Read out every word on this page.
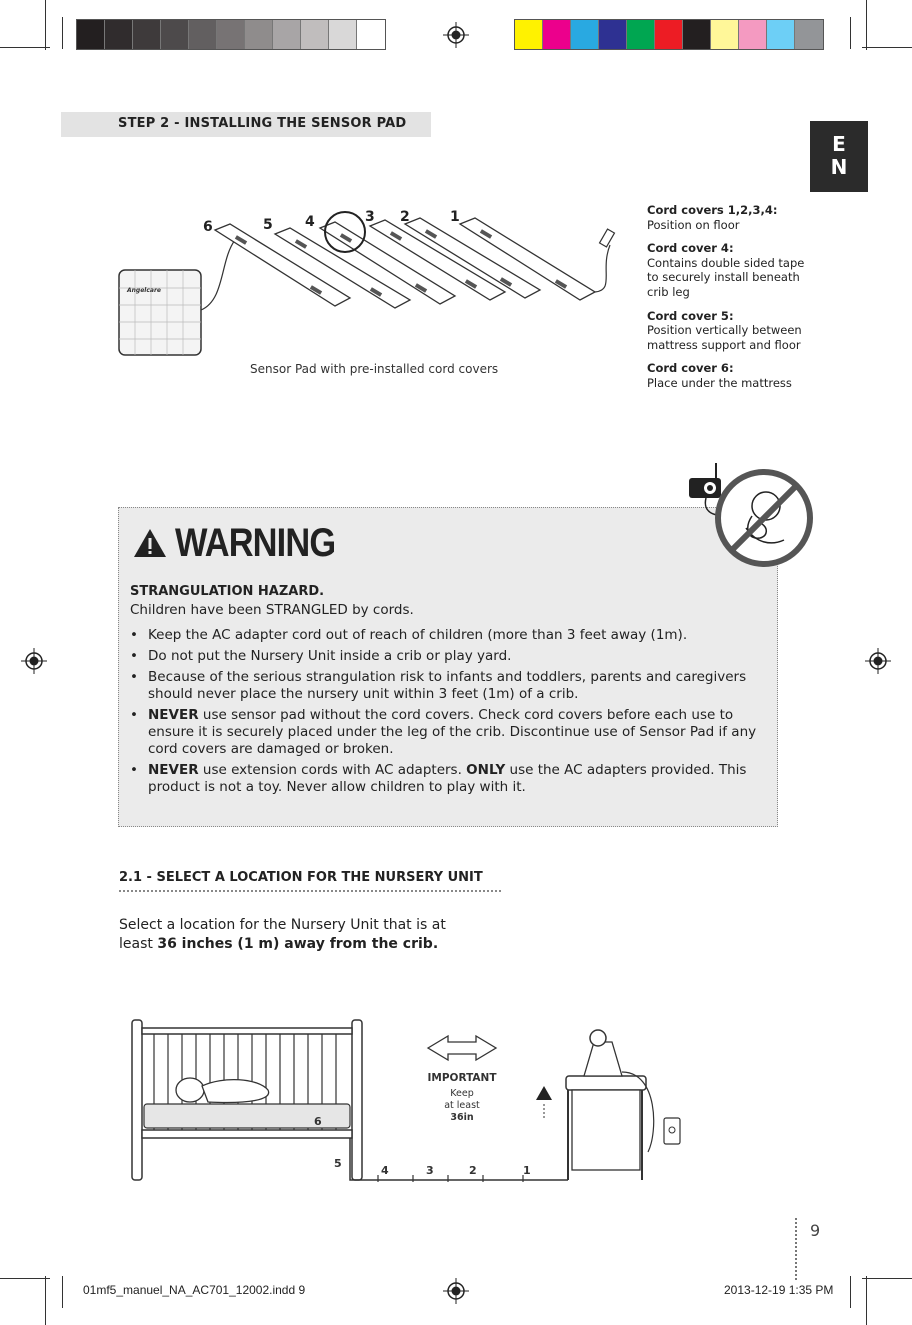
STEP 2 - INSTALLING THE SENSOR PAD
E
N
Angelcare
6	5 4	3 2	1
Sensor Pad with pre-installed cord covers
Cord covers 1,2,3,4:
Position on floor
Cord cover 4:
Contains double sided tape to securely install beneath crib leg
Cord cover 5:
Position vertically between mattress support and floor
Cord cover 6:
Place under the mattress
WARNING
STRANGULATION HAZARD.
Children have been STRANGLED by cords.
• Keep the AC adapter cord out of reach of children (more than 3 feet away (1m).
• Do not put the Nursery Unit inside a crib or play yard.
• Because of the serious strangulation risk to infants and toddlers, parents and caregivers should never place the nursery unit within 3 feet (1m) of a crib.
• NEVER use sensor pad without the cord covers. Check cord covers before each use to ensure it is securely placed under the leg of the crib. Discontinue use of Sensor Pad if any cord covers are damaged or broken.
• NEVER use extension cords with AC adapters. ONLY use the AC adapters provided. This product is not a toy. Never allow children to play with it.
2.1 - SELECT A LOCATION FOR THE NURSERY UNIT
Select a location for the Nursery Unit that is at least 36 inches (1 m) away from the crib.
6
5
4	3	2	1
IMPORTANT
Keep
at least
36in
9
01mf5_manuel_NA_AC701_12002.indd 9	2013-12-19 1:35 PM
